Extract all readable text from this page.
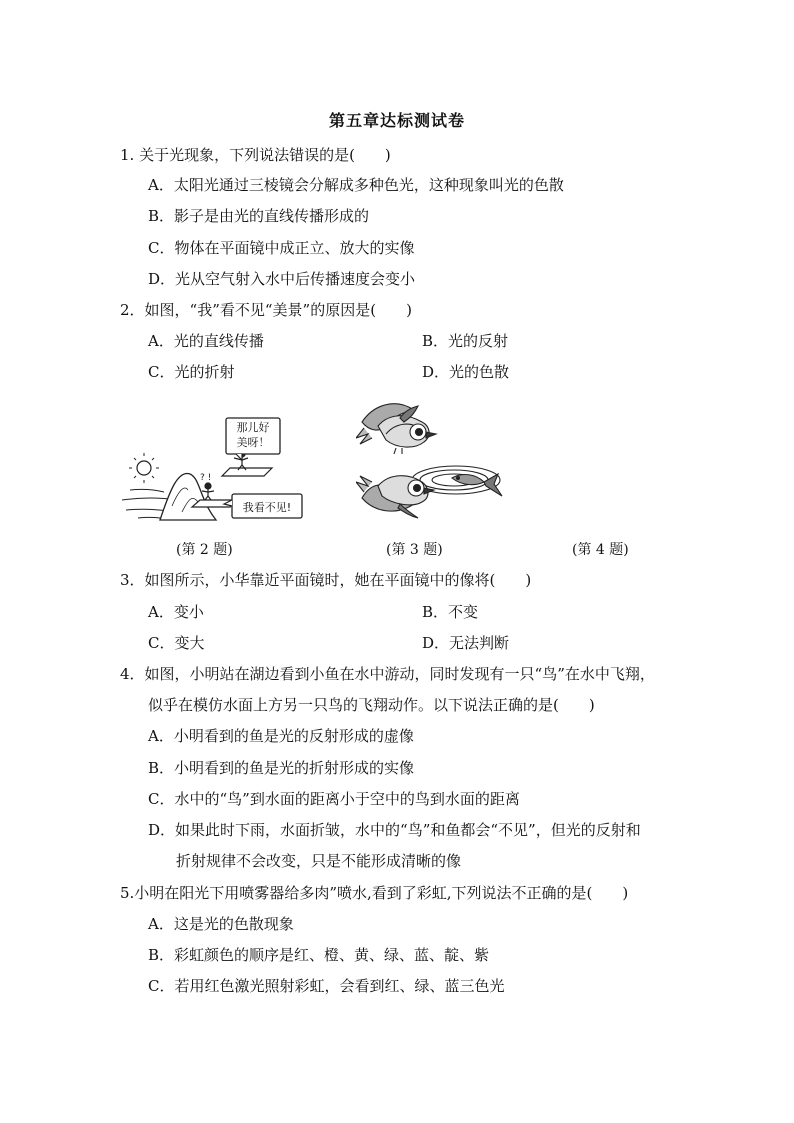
第五章达标测试卷
1. 关于光现象，下列说法错误的是(　　)
A．太阳光通过三棱镜会分解成多种色光，这种现象叫光的色散
B．影子是由光的直线传播形成的
C．物体在平面镜中成正立、放大的实像
D．光从空气射入水中后传播速度会变小
2．如图，“我”看不见“美景”的原因是(　　)
A．光的直线传播	B．光的反射
C．光的折射	D．光的色散
? !
那儿好美呀！
我看不见!
(第 2 题)	(第 3 题)	(第 4 题)
3．如图所示，小华靠近平面镜时，她在平面镜中的像将(　　)
A．变小	B．不变
C．变大	D．无法判断
4．如图，小明站在湖边看到小鱼在水中游动，同时发现有一只“鸟”在水中飞翔，
似乎在模仿水面上方另一只鸟的飞翔动作。以下说法正确的是(　　)
A．小明看到的鱼是光的反射形成的虚像
B．小明看到的鱼是光的折射形成的实像
C．水中的“鸟”到水面的距离小于空中的鸟到水面的距离
D．如果此时下雨，水面折皱，水中的“鸟”和鱼都会“不见”，但光的反射和
折射规律不会改变，只是不能形成清晰的像
5.小明在阳光下用喷雾器给多肉”喷水,看到了彩虹,下列说法不正确的是(　　)
A．这是光的色散现象
B．彩虹颜色的顺序是红、橙、黄、绿、蓝、靛、紫
C．若用红色激光照射彩虹，会看到红、绿、蓝三色光
